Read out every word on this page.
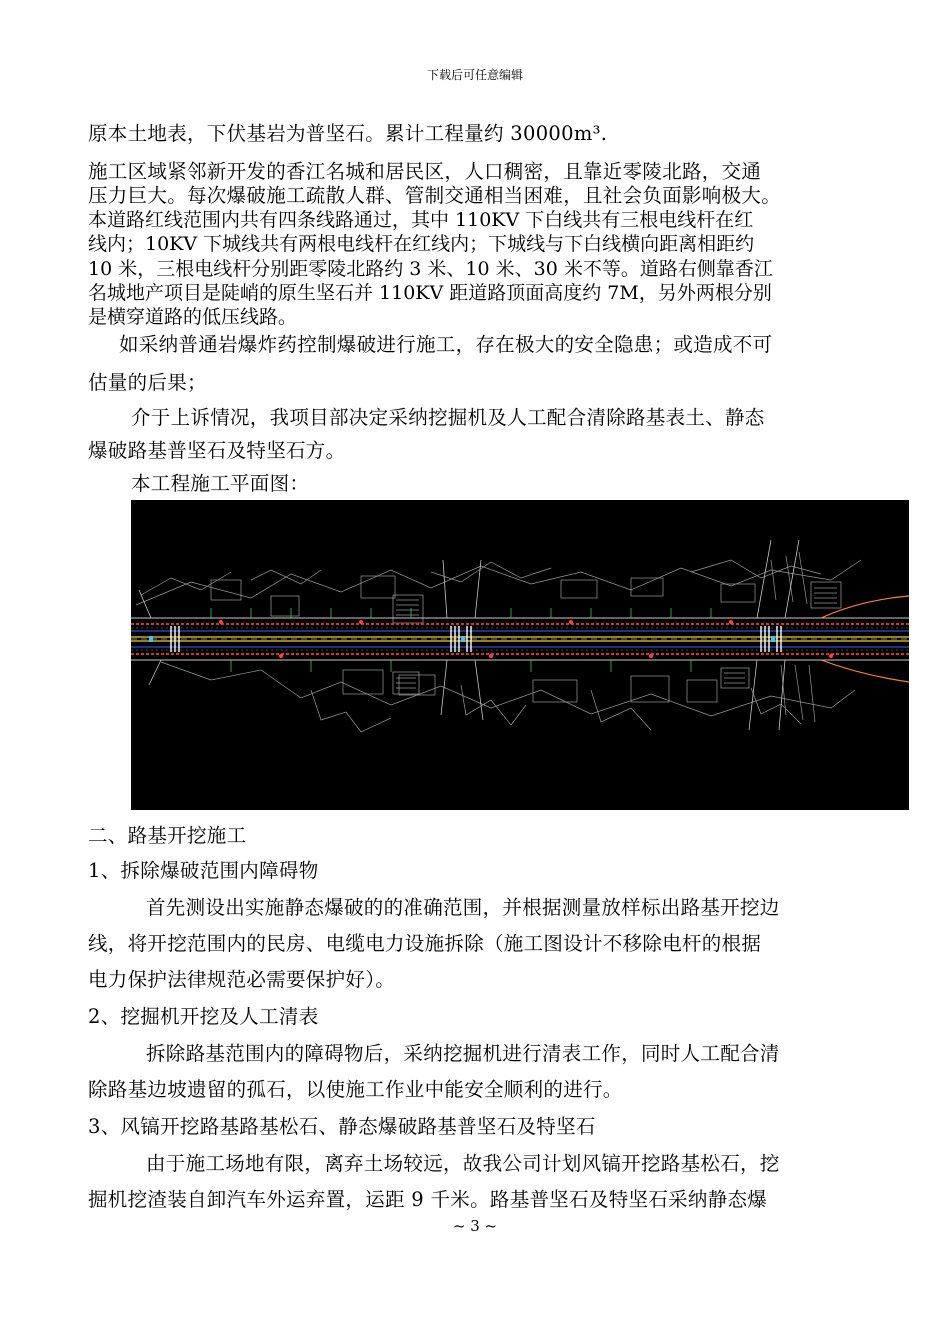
下载后可任意编辑
原本土地表，下伏基岩为普坚石。累计工程量约 30000m³.
施工区域紧邻新开发的香江名城和居民区，人口稠密，且靠近零陵北路，交通
压力巨大。每次爆破施工疏散人群、管制交通相当困难，且社会负面影响极大。
本道路红线范围内共有四条线路通过，其中 110KV 下白线共有三根电线杆在红
线内；10KV 下城线共有两根电线杆在红线内；下城线与下白线横向距离相距约
10 米，三根电线杆分别距零陵北路约 3 米、10 米、30 米不等。道路右侧靠香江
名城地产项目是陡峭的原生坚石并 110KV 距道路顶面高度约 7M，另外两根分别
是横穿道路的低压线路。
如采纳普通岩爆炸药控制爆破进行施工，存在极大的安全隐患；或造成不可
估量的后果；
介于上诉情况，我项目部决定采纳挖掘机及人工配合清除路基表土、静态
爆破路基普坚石及特坚石方。
本工程施工平面图：
二、路基开挖施工
1、拆除爆破范围内障碍物
首先测设出实施静态爆破的的准确范围，并根据测量放样标出路基开挖边
线，将开挖范围内的民房、电缆电力设施拆除（施工图设计不移除电杆的根据
电力保护法律规范必需要保护好）。
2、挖掘机开挖及人工清表
拆除路基范围内的障碍物后，采纳挖掘机进行清表工作，同时人工配合清
除路基边坡遗留的孤石，以使施工作业中能安全顺利的进行。
3、风镐开挖路基路基松石、静态爆破路基普坚石及特坚石
由于施工场地有限，离弃土场较远，故我公司计划风镐开挖路基松石，挖
掘机挖渣装自卸汽车外运弃置，运距 9 千米。路基普坚石及特坚石采纳静态爆
~ 3 ~
